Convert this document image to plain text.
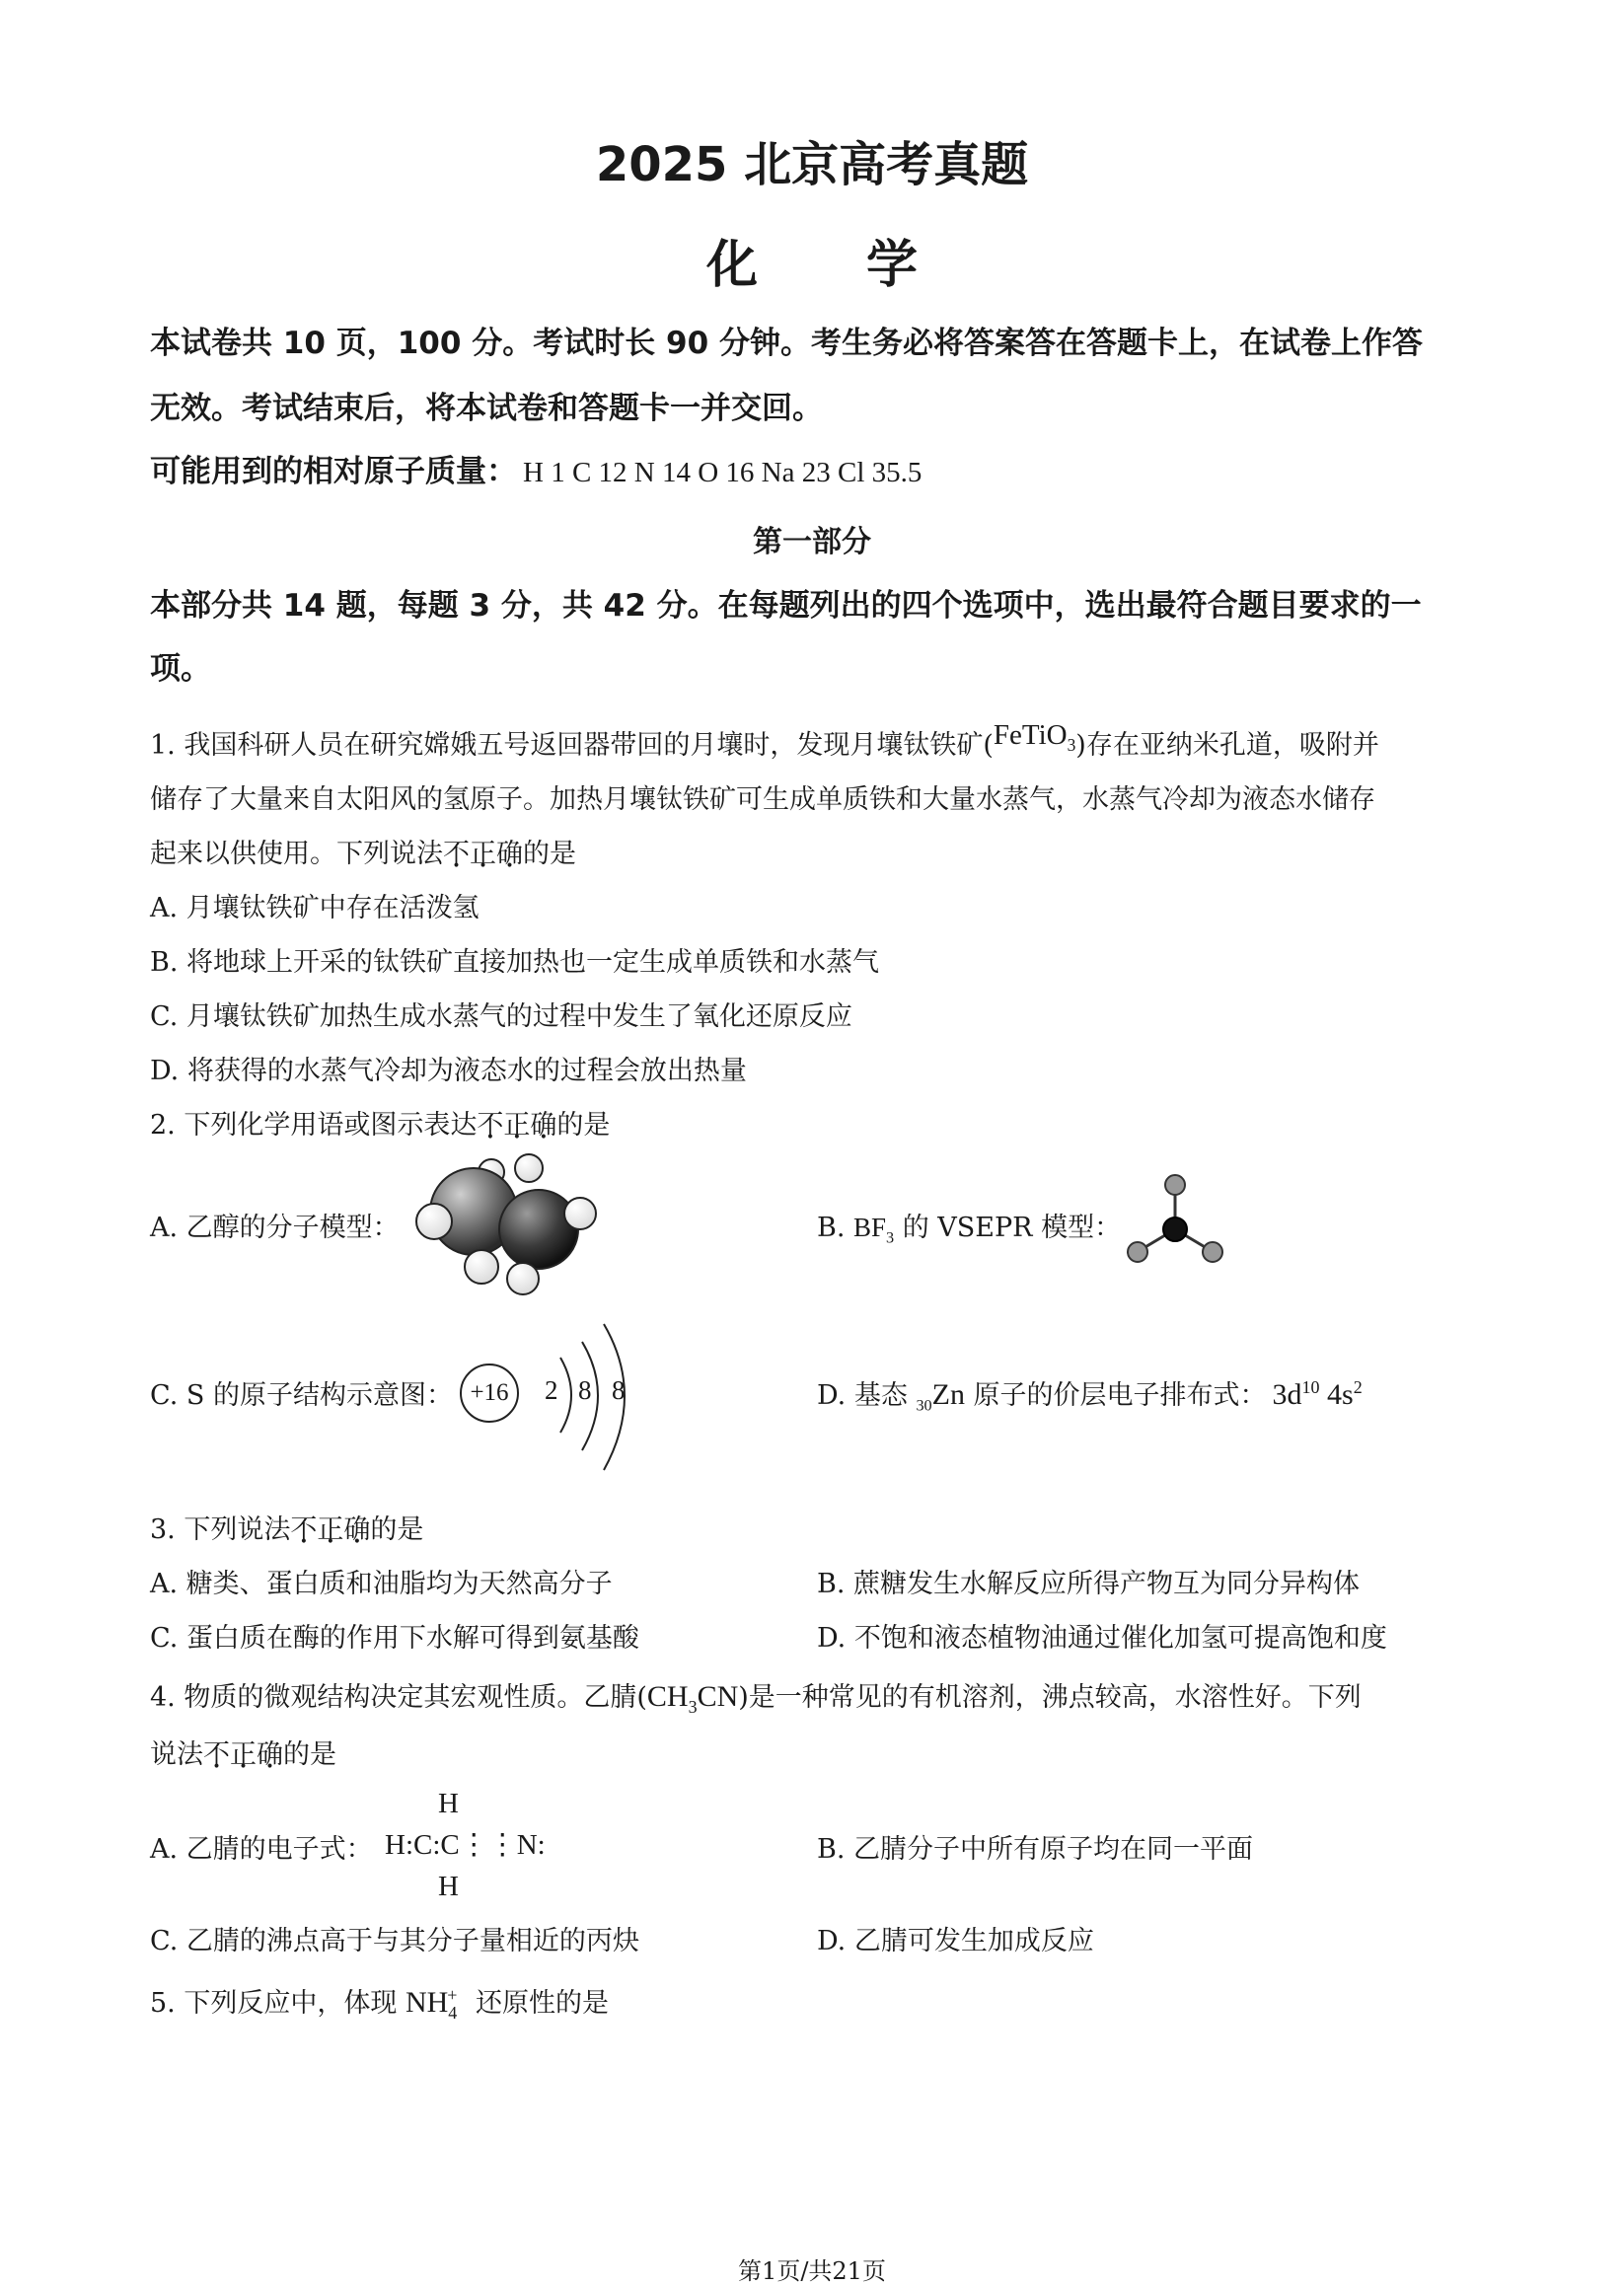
2025 北京高考真题
化学
本试卷共 10 页，100 分。考试时长 90 分钟。考生务必将答案答在答题卡上，在试卷上作答
无效。考试结束后，将本试卷和答题卡一并交回。
可能用到的相对原子质量： H 1 C 12 N 14 O 16 Na 23 Cl 35.5
第一部分
本部分共 14 题，每题 3 分，共 42 分。在每题列出的四个选项中，选出最符合题目要求的一
项。
1. 我国科研人员在研究嫦娥五号返回器带回的月壤时，发现月壤钛铁矿(FeTiO$_3$)存在亚纳米孔道，吸附并
储存了大量来自太阳风的氢原子。加热月壤钛铁矿可生成单质铁和大量水蒸气，水蒸气冷却为液态水储存
起来以供使用。下列说法不正确的是
A. 月壤钛铁矿中存在活泼氢
B. 将地球上开采的钛铁矿直接加热也一定生成单质铁和水蒸气
C. 月壤钛铁矿加热生成水蒸气的过程中发生了氧化还原反应
D. 将获得的水蒸气冷却为液态水的过程会放出热量
2. 下列化学用语或图示表达不正确的是
A. 乙醇的分子模型：	B. $BF_3$ 的 VSEPR 模型：
C. S 的原子结构示意图： +16	2 8 8	D. 基态 $_{30}$Zn 原子的价层电子排布式： $3d^{10}$ $4s^2$
3. 下列说法不正确的是
A. 糖类、蛋白质和油脂均为天然高分子	B. 蔗糖发生水解反应所得产物互为同分异构体
C. 蛋白质在酶的作用下水解可得到氨基酸	D. 不饱和液态植物油通过催化加氢可提高饱和度
4. 物质的微观结构决定其宏观性质。乙腈$(CH_3CN)$是一种常见的有机溶剂，沸点较高，水溶性好。下列
说法不正确的是
A. 乙腈的电子式：
H
H:C:C⋮⋮N:
H
B. 乙腈分子中所有原子均在同一平面
C. 乙腈的沸点高于与其分子量相近的丙炔	D. 乙腈可发生加成反应
5. 下列反应中，体现 $NH_4^+$ 还原性的是
第1页/共21页
